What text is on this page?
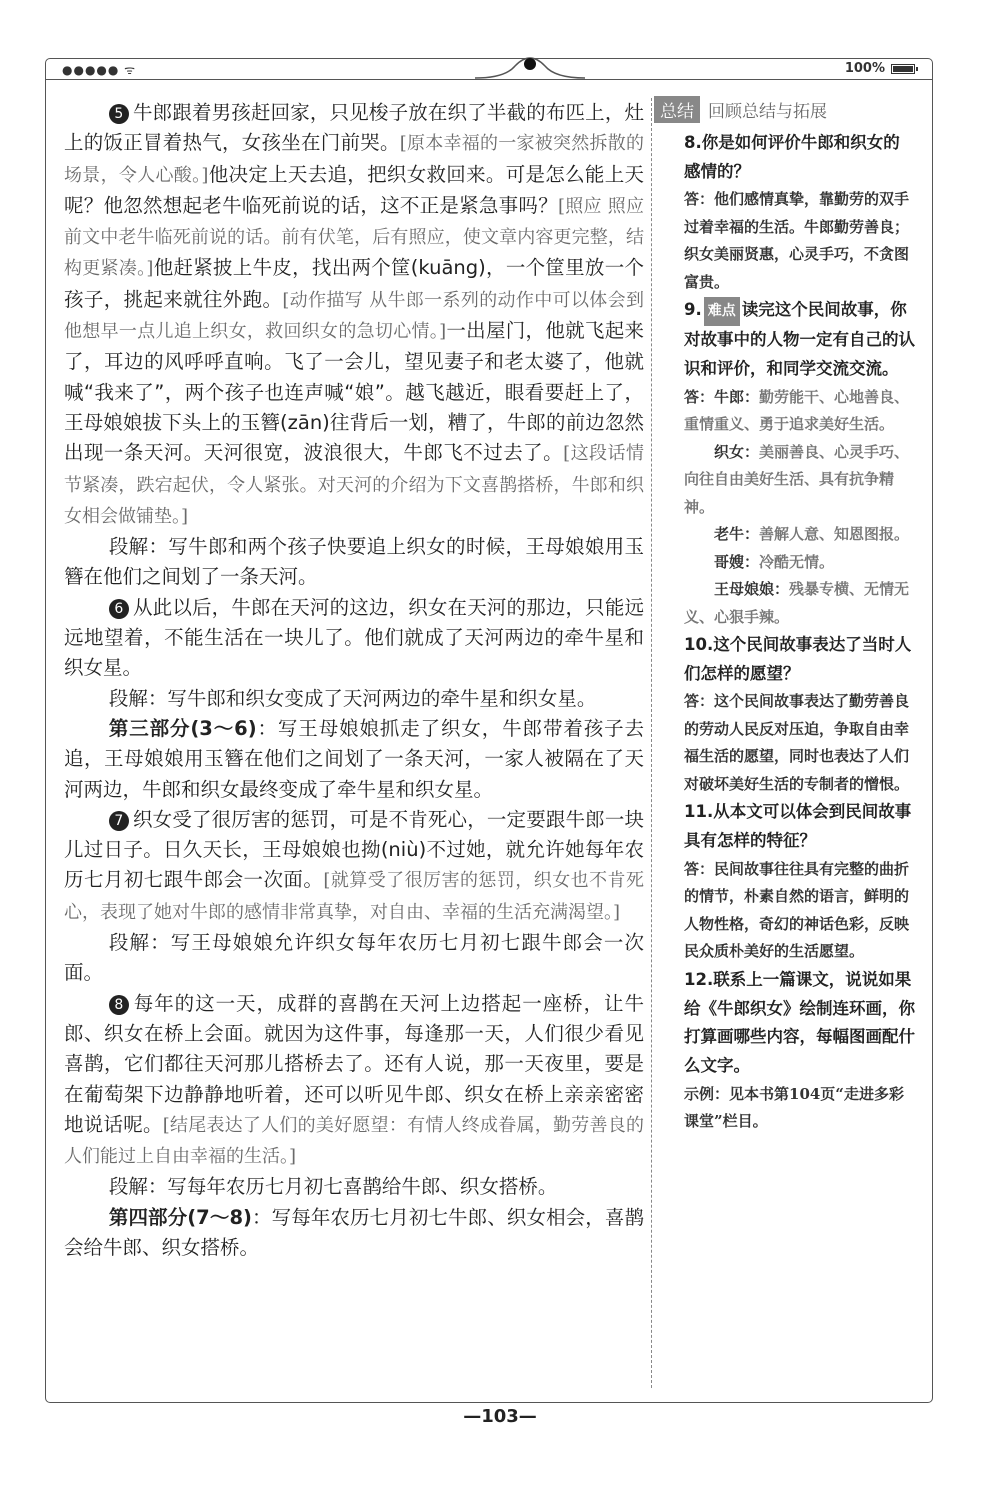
●●●●● ᯤ	100%

5 牛郎跟着男孩赶回家，只见梭子放在织了半截的布匹上，灶上的饭正冒着热气，女孩坐在门前哭。[原本幸福的一家被突然拆散的场景，令人心酸。]他决定上天去追，把织女救回来。可是怎么能上天呢？他忽然想起老牛临死前说的话，这不正是紧急事吗？[照应 照应前文中老牛临死前说的话。前有伏笔，后有照应，使文章内容更完整，结构更紧凑。]他赶紧披上牛皮，找出两个筐(kuāng)，一个筐里放一个孩子，挑起来就往外跑。[动作描写 从牛郎一系列的动作中可以体会到他想早一点儿追上织女，救回织女的急切心情。]一出屋门，他就飞起来了，耳边的风呼呼直响。飞了一会儿，望见妻子和老太婆了，他就喊“我来了”，两个孩子也连声喊“娘”。越飞越近，眼看要赶上了，王母娘娘拔下头上的玉簪(zān)往背后一划，糟了，牛郎的前边忽然出现一条天河。天河很宽，波浪很大，牛郎飞不过去了。[这段话情节紧凑，跌宕起伏，令人紧张。对天河的介绍为下文喜鹊搭桥，牛郎和织女相会做铺垫。]

段解：写牛郎和两个孩子快要追上织女的时候，王母娘娘用玉簪在他们之间划了一条天河。

6 从此以后，牛郎在天河的这边，织女在天河的那边，只能远远地望着，不能生活在一块儿了。他们就成了天河两边的牵牛星和织女星。

段解：写牛郎和织女变成了天河两边的牵牛星和织女星。

第三部分(3～6)：写王母娘娘抓走了织女，牛郎带着孩子去追，王母娘娘用玉簪在他们之间划了一条天河，一家人被隔在了天河两边，牛郎和织女最终变成了牵牛星和织女星。

7 织女受了很厉害的惩罚，可是不肯死心，一定要跟牛郎一块儿过日子。日久天长，王母娘娘也拗(niù)不过她，就允许她每年农历七月初七跟牛郎会一次面。[就算受了很厉害的惩罚，织女也不肯死心，表现了她对牛郎的感情非常真挚，对自由、幸福的生活充满渴望。]

段解：写王母娘娘允许织女每年农历七月初七跟牛郎会一次面。

8 每年的这一天，成群的喜鹊在天河上边搭起一座桥，让牛郎、织女在桥上会面。就因为这件事，每逢那一天，人们很少看见喜鹊，它们都往天河那儿搭桥去了。还有人说，那一天夜里，要是在葡萄架下边静静地听着，还可以听见牛郎、织女在桥上亲亲密密地说话呢。[结尾表达了人们的美好愿望：有情人终成眷属，勤劳善良的人们能过上自由幸福的生活。]

段解：写每年农历七月初七喜鹊给牛郎、织女搭桥。

第四部分(7～8)：写每年农历七月初七牛郎、织女相会，喜鹊会给牛郎、织女搭桥。

总结 回顾总结与拓展

8.你是如何评价牛郎和织女的感情的？

答：他们感情真挚，靠勤劳的双手过着幸福的生活。牛郎勤劳善良；织女美丽贤惠，心灵手巧，不贪图富贵。

9. 难点 读完这个民间故事，你对故事中的人物一定有自己的认识和评价，和同学交流交流。

答：牛郎：勤劳能干、心地善良、重情重义、勇于追求美好生活。

织女：美丽善良、心灵手巧、向往自由美好生活、具有抗争精神。

老牛：善解人意、知恩图报。

哥嫂：冷酷无情。

王母娘娘：残暴专横、无情无义、心狠手辣。

10.这个民间故事表达了当时人们怎样的愿望？

答：这个民间故事表达了勤劳善良的劳动人民反对压迫，争取自由幸福生活的愿望，同时也表达了人们对破坏美好生活的专制者的憎恨。

11.从本文可以体会到民间故事具有怎样的特征？

答：民间故事往往具有完整的曲折的情节，朴素自然的语言，鲜明的人物性格，奇幻的神话色彩，反映民众质朴美好的生活愿望。

12.联系上一篇课文，说说如果给《牛郎织女》绘制连环画，你打算画哪些内容，每幅图画配什么文字。

示例：见本书第104页“走进多彩课堂”栏目。

—103—
